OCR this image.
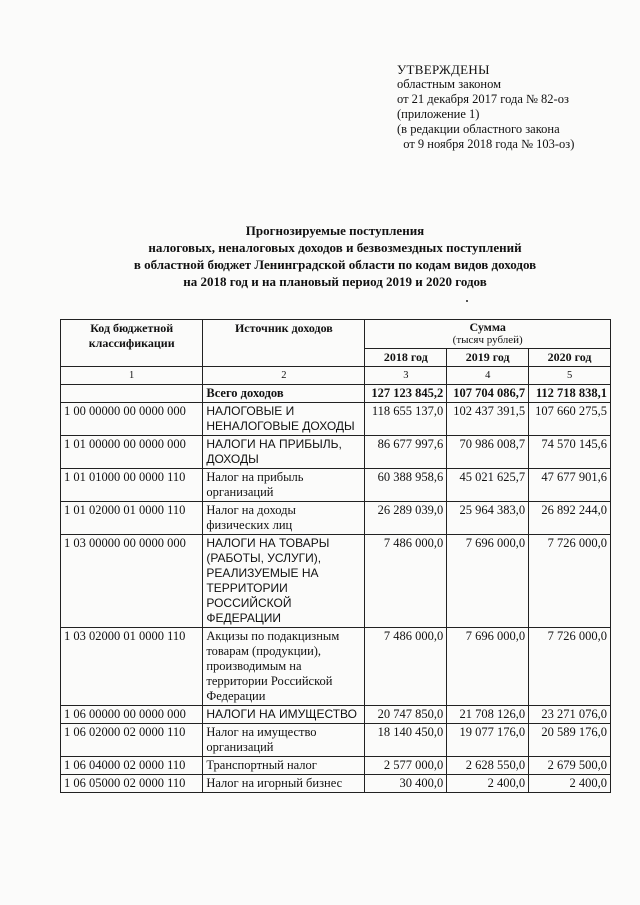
УТВЕРЖДЕНЫ
областным законом
от 21 декабря 2017 года № 82-оз
(приложение 1)
(в редакции областного закона
от 9 ноября 2018 года № 103-оз)
Прогнозируемые поступления
налоговых, неналоговых доходов и безвозмездных поступлений
в областной бюджет Ленинградской области по кодам видов доходов
на 2018 год и на плановый период 2019 и 2020 годов
Код бюджетной классификации	Источник доходов	Сумма
(тысяч рублей)		

		2018 год	2019 год	2020 год
1	2	3	4	5
	Всего доходов	127 123 845,2	107 704 086,7	112 718 838,1
1 00 00000 00 0000 000	НАЛОГОВЫЕ И НЕНАЛОГОВЫЕ ДОХОДЫ	118 655 137,0	102 437 391,5	107 660 275,5
1 01 00000 00 0000 000	НАЛОГИ НА ПРИБЫЛЬ, ДОХОДЫ	86 677 997,6	70 986 008,7	74 570 145,6
1 01 01000 00 0000 110	Налог на прибыль организаций	60 388 958,6	45 021 625,7	47 677 901,6
1 01 02000 01 0000 110	Налог на доходы физических лиц	26 289 039,0	25 964 383,0	26 892 244,0
1 03 00000 00 0000 000	НАЛОГИ НА ТОВАРЫ (РАБОТЫ, УСЛУГИ), РЕАЛИЗУЕМЫЕ НА ТЕРРИТОРИИ РОССИЙСКОЙ ФЕДЕРАЦИИ	7 486 000,0	7 696 000,0	7 726 000,0
1 03 02000 01 0000 110	Акцизы по подакцизным товарам (продукции), производимым на территории Российской Федерации	7 486 000,0	7 696 000,0	7 726 000,0
1 06 00000 00 0000 000	НАЛОГИ НА ИМУЩЕСТВО	20 747 850,0	21 708 126,0	23 271 076,0
1 06 02000 02 0000 110	Налог на имущество организаций	18 140 450,0	19 077 176,0	20 589 176,0
1 06 04000 02 0000 110	Транспортный налог	2 577 000,0	2 628 550,0	2 679 500,0
1 06 05000 02 0000 110	Налог на игорный бизнес	30 400,0	2 400,0	2 400,0
